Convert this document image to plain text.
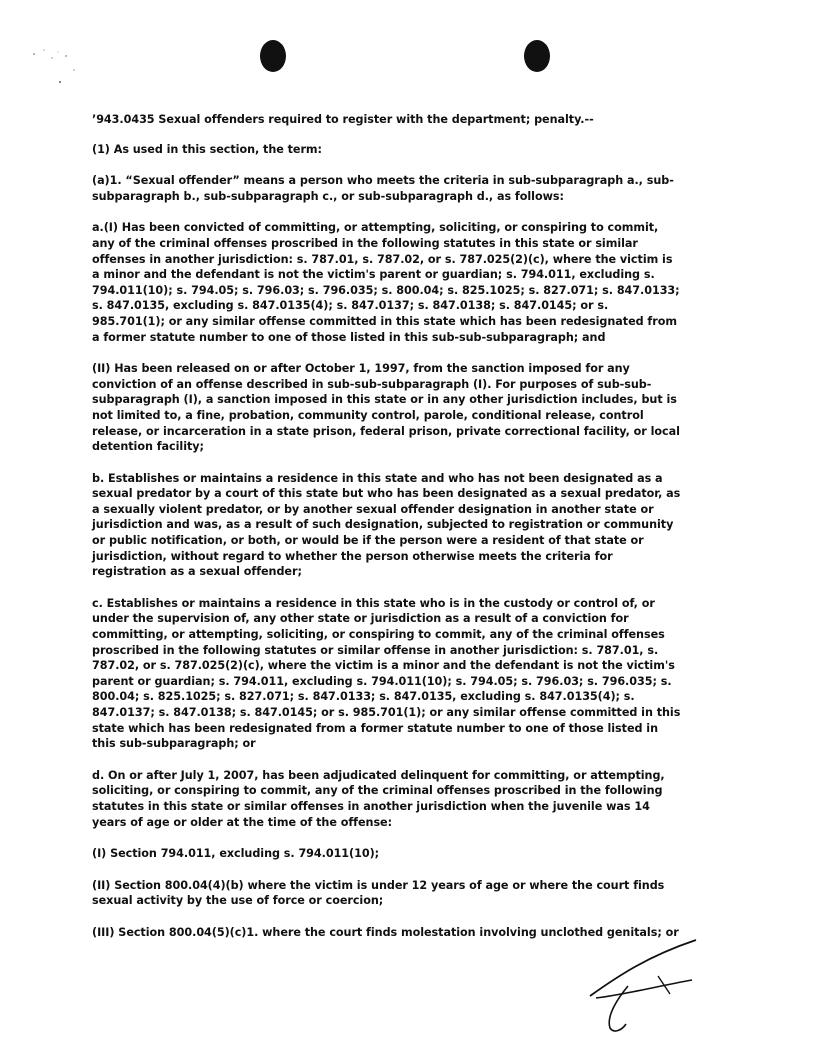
’943.0435 Sexual offenders required to register with the department; penalty.--
(1) As used in this section, the term:
(a)1. “Sexual offender” means a person who meets the criteria in sub-subparagraph a., sub-subparagraph b., sub-subparagraph c., or sub-subparagraph d., as follows:
a.(I) Has been convicted of committing, or attempting, soliciting, or conspiring to commit, any of the criminal offenses proscribed in the following statutes in this state or similar offenses in another jurisdiction: s. 787.01, s. 787.02, or s. 787.025(2)(c), where the victim is a minor and the defendant is not the victim's parent or guardian; s. 794.011, excluding s. 794.011(10); s. 794.05; s. 796.03; s. 796.035; s. 800.04; s. 825.1025; s. 827.071; s. 847.0133; s. 847.0135, excluding s. 847.0135(4); s. 847.0137; s. 847.0138; s. 847.0145; or s. 985.701(1); or any similar offense committed in this state which has been redesignated from a former statute number to one of those listed in this sub-sub-subparagraph; and
(II) Has been released on or after October 1, 1997, from the sanction imposed for any conviction of an offense described in sub-sub-subparagraph (I). For purposes of sub-sub-subparagraph (I), a sanction imposed in this state or in any other jurisdiction includes, but is not limited to, a fine, probation, community control, parole, conditional release, control release, or incarceration in a state prison, federal prison, private correctional facility, or local detention facility;
b. Establishes or maintains a residence in this state and who has not been designated as a sexual predator by a court of this state but who has been designated as a sexual predator, as a sexually violent predator, or by another sexual offender designation in another state or jurisdiction and was, as a result of such designation, subjected to registration or community or public notification, or both, or would be if the person were a resident of that state or jurisdiction, without regard to whether the person otherwise meets the criteria for registration as a sexual offender;
c. Establishes or maintains a residence in this state who is in the custody or control of, or under the supervision of, any other state or jurisdiction as a result of a conviction for committing, or attempting, soliciting, or conspiring to commit, any of the criminal offenses proscribed in the following statutes or similar offense in another jurisdiction: s. 787.01, s. 787.02, or s. 787.025(2)(c), where the victim is a minor and the defendant is not the victim's parent or guardian; s. 794.011, excluding s. 794.011(10); s. 794.05; s. 796.03; s. 796.035; s. 800.04; s. 825.1025; s. 827.071; s. 847.0133; s. 847.0135, excluding s. 847.0135(4); s. 847.0137; s. 847.0138; s. 847.0145; or s. 985.701(1); or any similar offense committed in this state which has been redesignated from a former statute number to one of those listed in this sub-subparagraph; or
d. On or after July 1, 2007, has been adjudicated delinquent for committing, or attempting, soliciting, or conspiring to commit, any of the criminal offenses proscribed in the following statutes in this state or similar offenses in another jurisdiction when the juvenile was 14 years of age or older at the time of the offense:
(I) Section 794.011, excluding s. 794.011(10);
(II) Section 800.04(4)(b) where the victim is under 12 years of age or where the court finds sexual activity by the use of force or coercion;
(III) Section 800.04(5)(c)1. where the court finds molestation involving unclothed genitals; or
